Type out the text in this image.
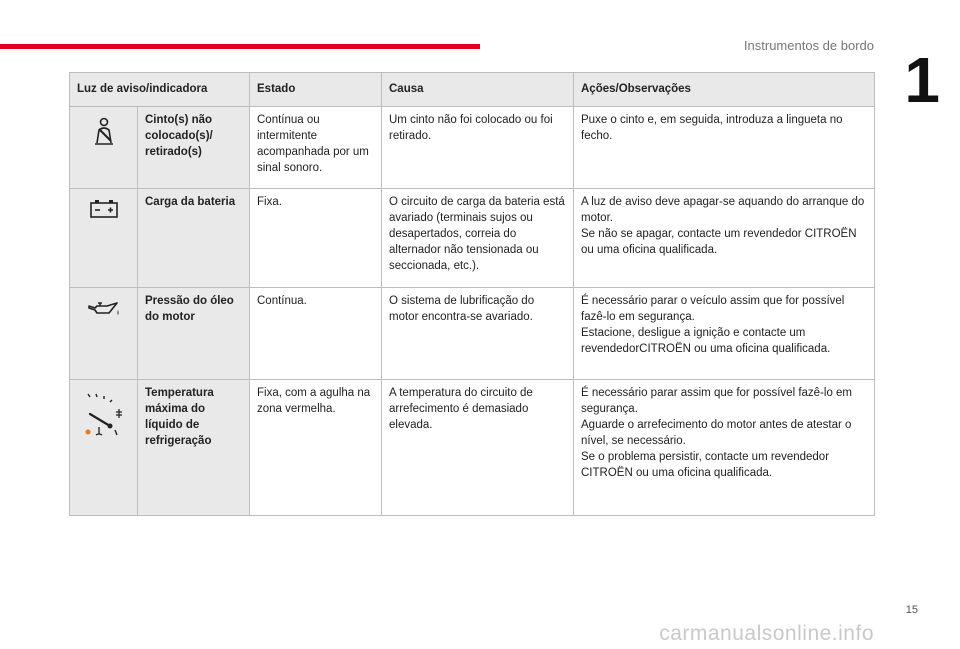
Instrumentos de bordo 1
Luz de aviso/indicadora		Estado	Causa	Ações/Observações
	Cinto(s) não colocado(s)/ retirado(s)	Contínua ou intermitente acompanhada por um sinal sonoro.	Um cinto não foi colocado ou foi retirado.	Puxe o cinto e, em seguida, introduza a lingueta no fecho.
	Carga da bateria	Fixa.	O circuito de carga da bateria está avariado (terminais sujos ou desapertados, correia do alternador não tensionada ou seccionada, etc.).	A luz de aviso deve apagar-se aquando do arranque do motor.
Se não se apagar, contacte um revendedor CITROËN ou uma oficina qualificada.
	Pressão do óleo do motor	Contínua.	O sistema de lubrificação do motor encontra-se avariado.	É necessário parar o veículo assim que for possível fazê-lo em segurança.
Estacione, desligue a ignição e contacte um revendedorCITROËN ou uma oficina qualificada.
	Temperatura máxima do líquido de refrigeração	Fixa, com a agulha na zona vermelha.	A temperatura do circuito de arrefecimento é demasiado elevada.	É necessário parar assim que for possível fazê-lo em segurança.
Aguarde o arrefecimento do motor antes de atestar o nível, se necessário.
Se o problema persistir, contacte um revendedor CITROËN ou uma oficina qualificada.
15
carmanualsonline.info
